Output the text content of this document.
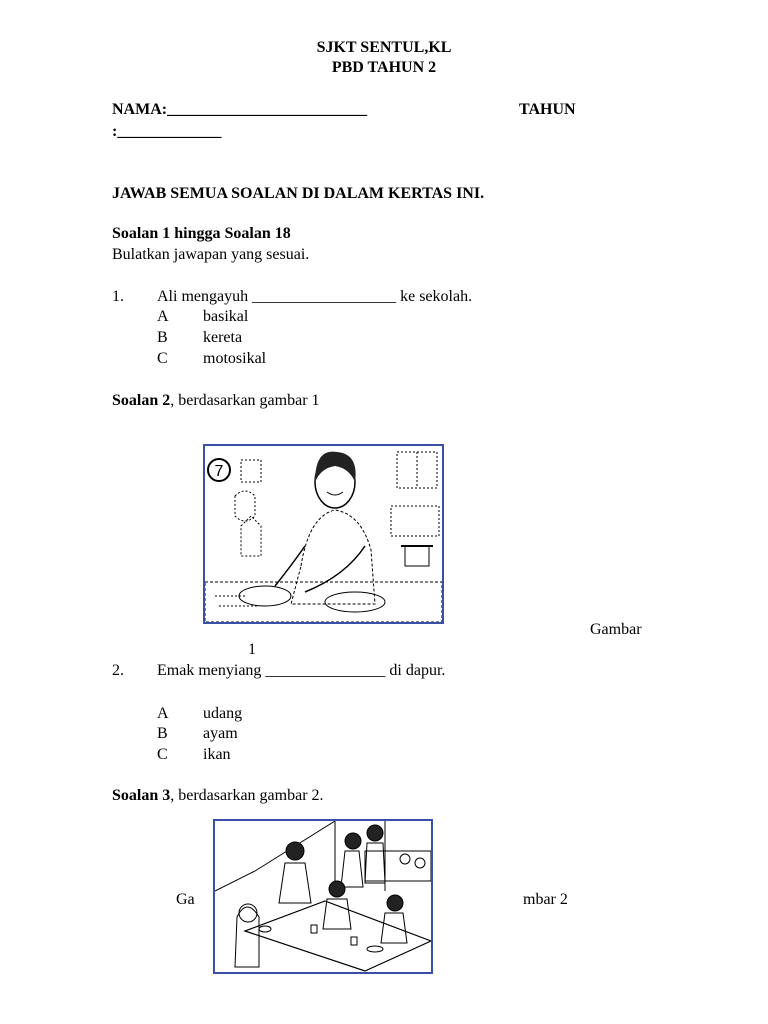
SJKT SENTUL,KL
PBD TAHUN 2
NAMA:_________________________	TAHUN
:_____________
JAWAB SEMUA SOALAN DI DALAM KERTAS INI.
Soalan 1 hingga Soalan 18
Bulatkan jawapan yang sesuai.
1. Ali mengayuh __________________ ke sekolah.
A basikal
B kereta
C motosikal
Soalan 2, berdasarkan gambar 1
7
Gambar
1
2. Emak menyiang _______________ di dapur.
A udang
B ayam
C ikan
Soalan 3, berdasarkan gambar 2.
Ga	mbar 2
